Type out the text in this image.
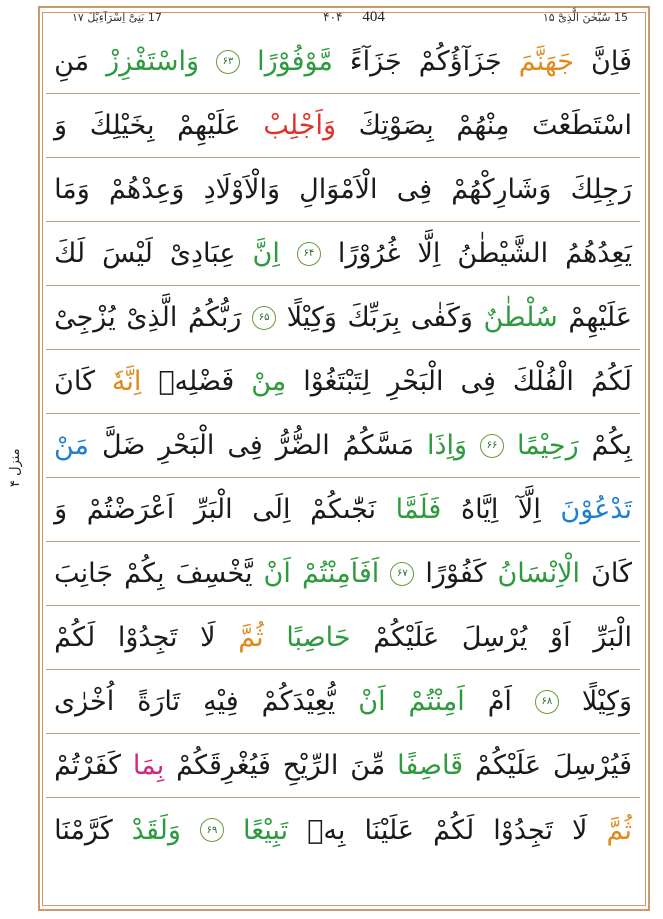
17 بَنِیْٓ اِسْرَآءِیْلَ ۱۷	۴۰۴ 404	15 سُبْحٰنَ الَّذِیْٓ ۱۵
منزل ۴
فَاِنَّ
جَهَنَّمَ
جَزَآؤُكُمْ
جَزَآءً
مَّوْفُوْرًا
۶۳
وَاسْتَفْزِزْ
مَنِ
اسْتَطَعْتَ
مِنْهُمْ
بِصَوْتِكَ
وَاَجْلِبْ
عَلَيْهِمْ
بِخَيْلِكَ
وَ
رَجِلِكَ
وَشَارِكْهُمْ
فِى
الْاَمْوَالِ
وَالْاَوْلَادِ
وَعِدْهُمْ
وَمَا
يَعِدُهُمُ
الشَّيْطٰنُ
اِلَّا
غُرُوْرًا
۶۴
اِنَّ
عِبَادِىْ
لَيْسَ
لَكَ
عَلَيْهِمْ
سُلْطٰنٌ
وَكَفٰى
بِرَبِّكَ
وَكِيْلًا
۶۵
رَبُّكُمُ
الَّذِىْ
يُزْجِىْ
لَكُمُ
الْفُلْكَ
فِى
الْبَحْرِ
لِتَبْتَغُوْا
مِنْ
فَضْلِهٖ
اِنَّهٗ
كَانَ
بِكُمْ
رَحِيْمًا
۶۶
وَاِذَا
مَسَّكُمُ
الضُّرُّ
فِى
الْبَحْرِ
ضَلَّ
مَنْ
تَدْعُوْنَ
اِلَّآ
اِيَّاهُ
فَلَمَّا
نَجّٰىكُمْ
اِلَى
الْبَرِّ
اَعْرَضْتُمْ
وَ
كَانَ
الْاِنْسَانُ
كَفُوْرًا
۶۷
اَفَاَمِنْتُمْ
اَنْ
يَّخْسِفَ
بِكُمْ
جَانِبَ
الْبَرِّ
اَوْ
يُرْسِلَ
عَلَيْكُمْ
حَاصِبًا
ثُمَّ
لَا
تَجِدُوْا
لَكُمْ
وَكِيْلًا
۶۸
اَمْ
اَمِنْتُمْ
اَنْ
يُّعِيْدَكُمْ
فِيْهِ
تَارَةً
اُخْرٰى
فَيُرْسِلَ
عَلَيْكُمْ
قَاصِفًا
مِّنَ
الرِّيْحِ
فَيُغْرِقَكُمْ
بِمَا
كَفَرْتُمْ
ثُمَّ
لَا
تَجِدُوْا
لَكُمْ
عَلَيْنَا
بِهٖ
تَبِيْعًا
۶۹
وَلَقَدْ
كَرَّمْنَا
